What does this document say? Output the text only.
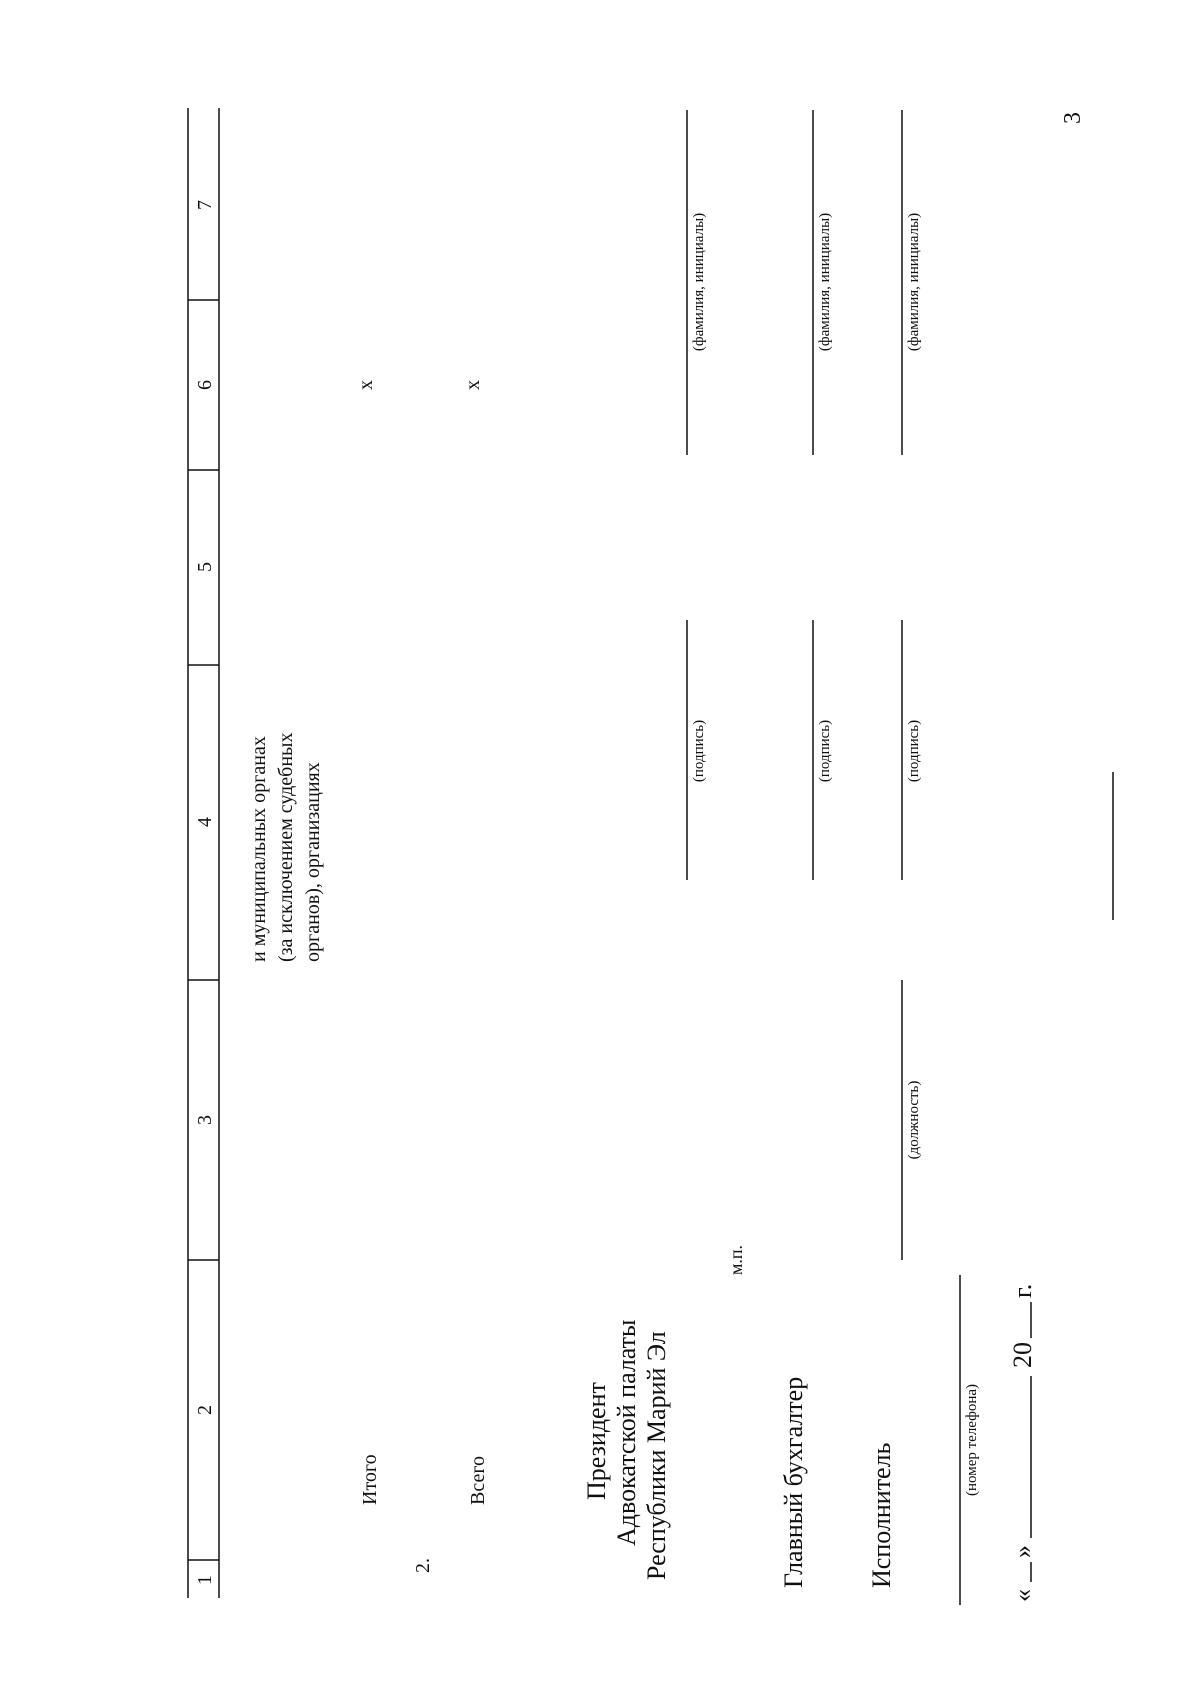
3
7
6
5
4
3
2
1
и муниципальных органах (за исключением судебных органов), организациях
Итого
х
2.
Всего
х
Президент Адвокатской палаты Республики Марий Эл
(подпись)
(фамилия, инициалы)
м.п.
Главный бухгалтер
(подпись)
(фамилия, инициалы)
Исполнитель
(должность)
(подпись)
(фамилия, инициалы)
(номер телефона)
«
»
20
г.
